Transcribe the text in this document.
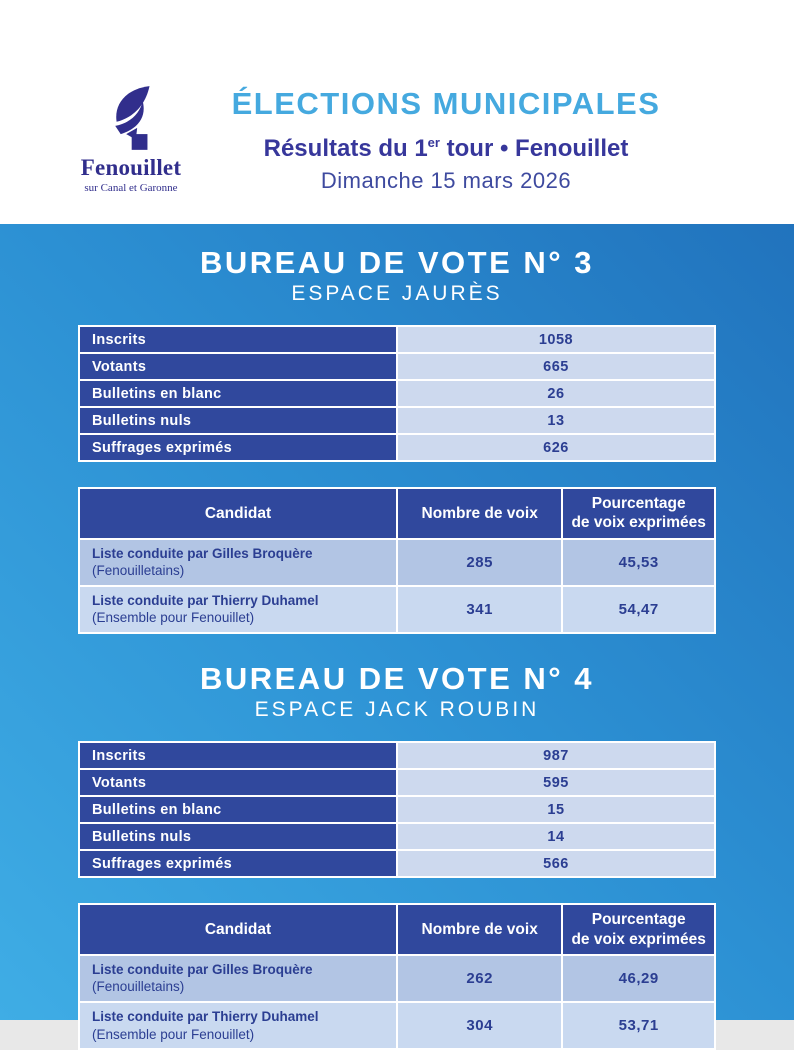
Fenouillet
sur Canal et Garonne
ÉLECTIONS MUNICIPALES
Résultats du 1er tour • Fenouillet
Dimanche 15 mars 2026
BUREAU DE VOTE N° 3
ESPACE JAURÈS
Inscrits	1058
Votants	665
Bulletins en blanc	26
Bulletins nuls	13
Suffrages exprimés	626
Candidat	Nombre de voix	Pourcentage
de voix exprimées

Liste conduite par Gilles Broquère
(Fenouilletains)	285	45,53

Liste conduite par Thierry Duhamel
(Ensemble pour Fenouillet)	341	54,47
BUREAU DE VOTE N° 4
ESPACE JACK ROUBIN
Inscrits	987
Votants	595
Bulletins en blanc	15
Bulletins nuls	14
Suffrages exprimés	566
Candidat	Nombre de voix	Pourcentage
de voix exprimées

Liste conduite par Gilles Broquère
(Fenouilletains)	262	46,29

Liste conduite par Thierry Duhamel
(Ensemble pour Fenouillet)	304	53,71
